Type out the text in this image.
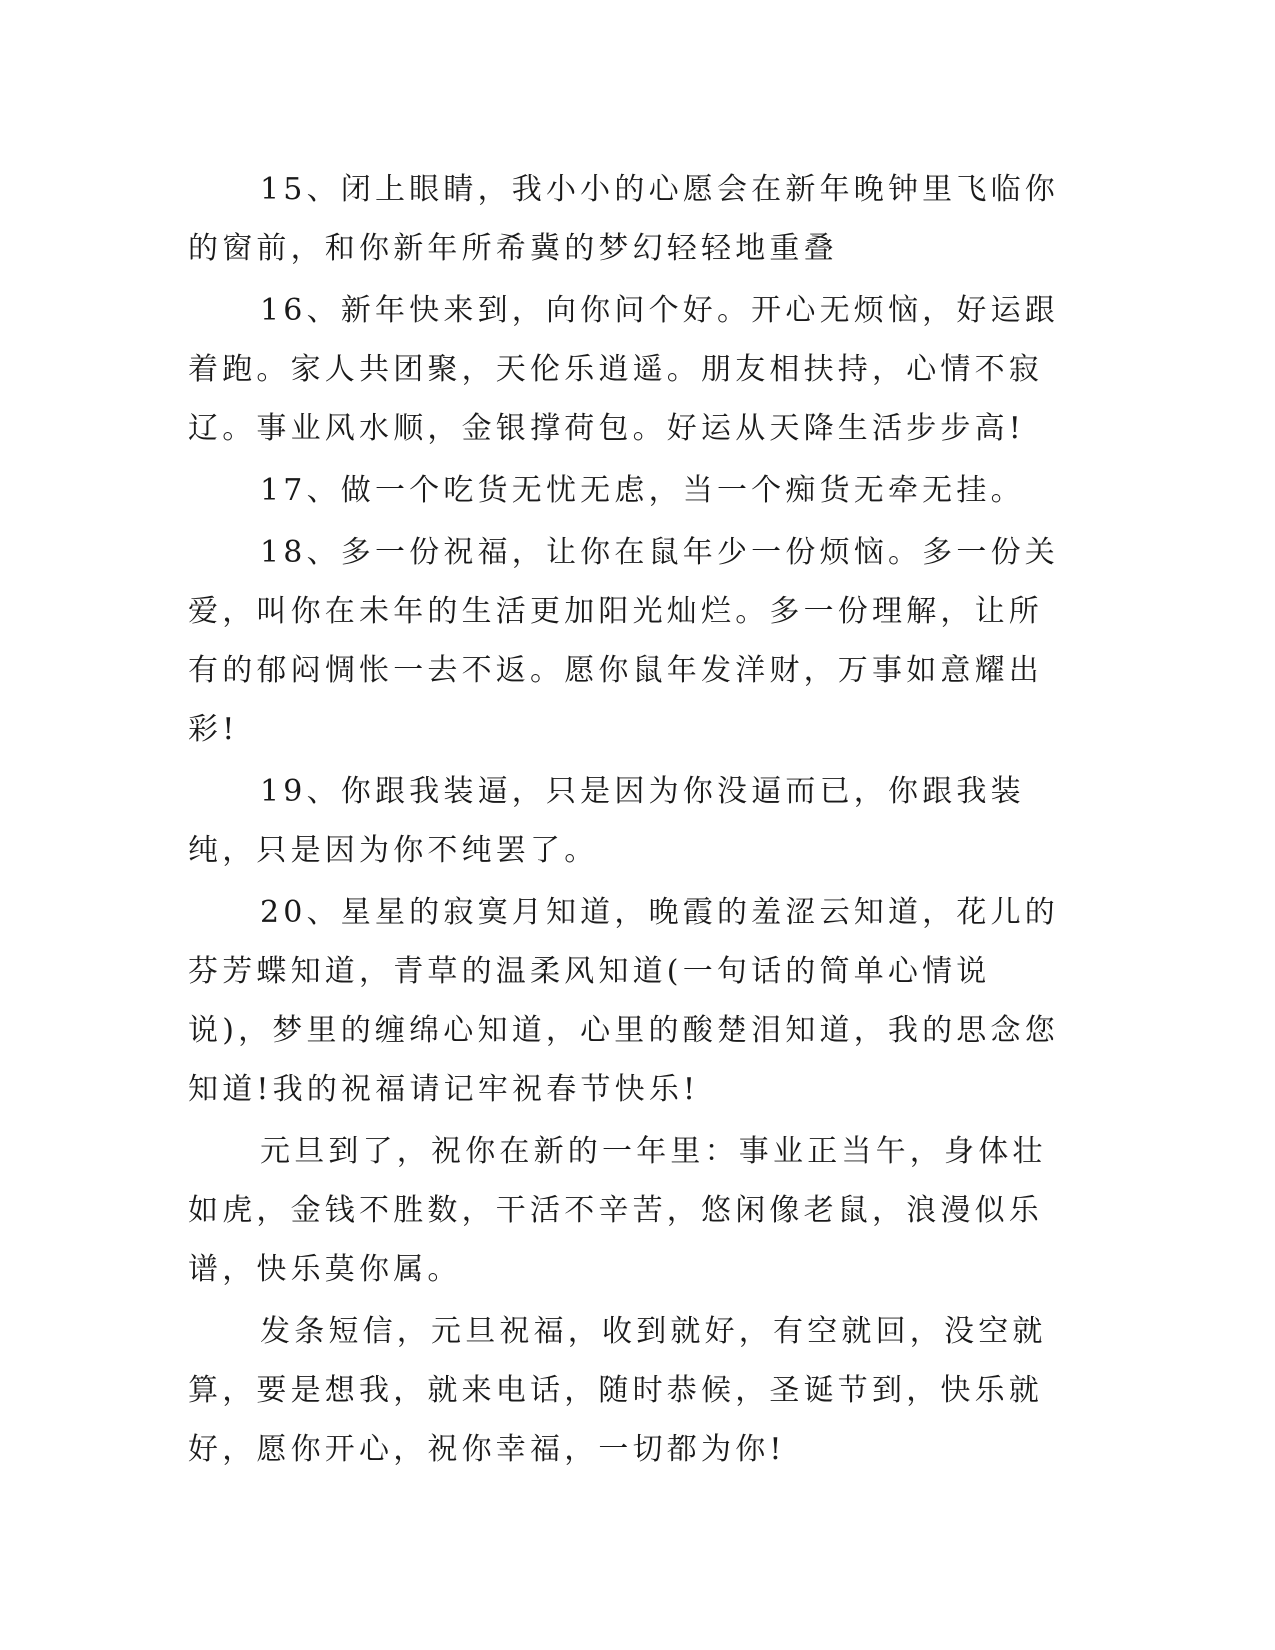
15、闭上眼睛，我小小的心愿会在新年晚钟里飞临你的窗前，和你新年所希冀的梦幻轻轻地重叠

16、新年快来到，向你问个好。开心无烦恼，好运跟着跑。家人共团聚，天伦乐逍遥。朋友相扶持，心情不寂辽。事业风水顺，金银撑荷包。好运从天降生活步步高!

17、做一个吃货无忧无虑，当一个痴货无牵无挂。

18、多一份祝福，让你在鼠年少一份烦恼。多一份关爱，叫你在未年的生活更加阳光灿烂。多一份理解，让所有的郁闷惆怅一去不返。愿你鼠年发洋财，万事如意耀出彩!

19、你跟我装逼，只是因为你没逼而已，你跟我装纯，只是因为你不纯罢了。

20、星星的寂寞月知道，晚霞的羞涩云知道，花儿的芬芳蝶知道，青草的温柔风知道(一句话的简单心情说说)，梦里的缠绵心知道，心里的酸楚泪知道，我的思念您知道!我的祝福请记牢祝春节快乐!

元旦到了，祝你在新的一年里：事业正当午，身体壮如虎，金钱不胜数，干活不辛苦，悠闲像老鼠，浪漫似乐谱，快乐莫你属。

发条短信，元旦祝福，收到就好，有空就回，没空就算，要是想我，就来电话，随时恭候，圣诞节到，快乐就好，愿你开心，祝你幸福，一切都为你!
